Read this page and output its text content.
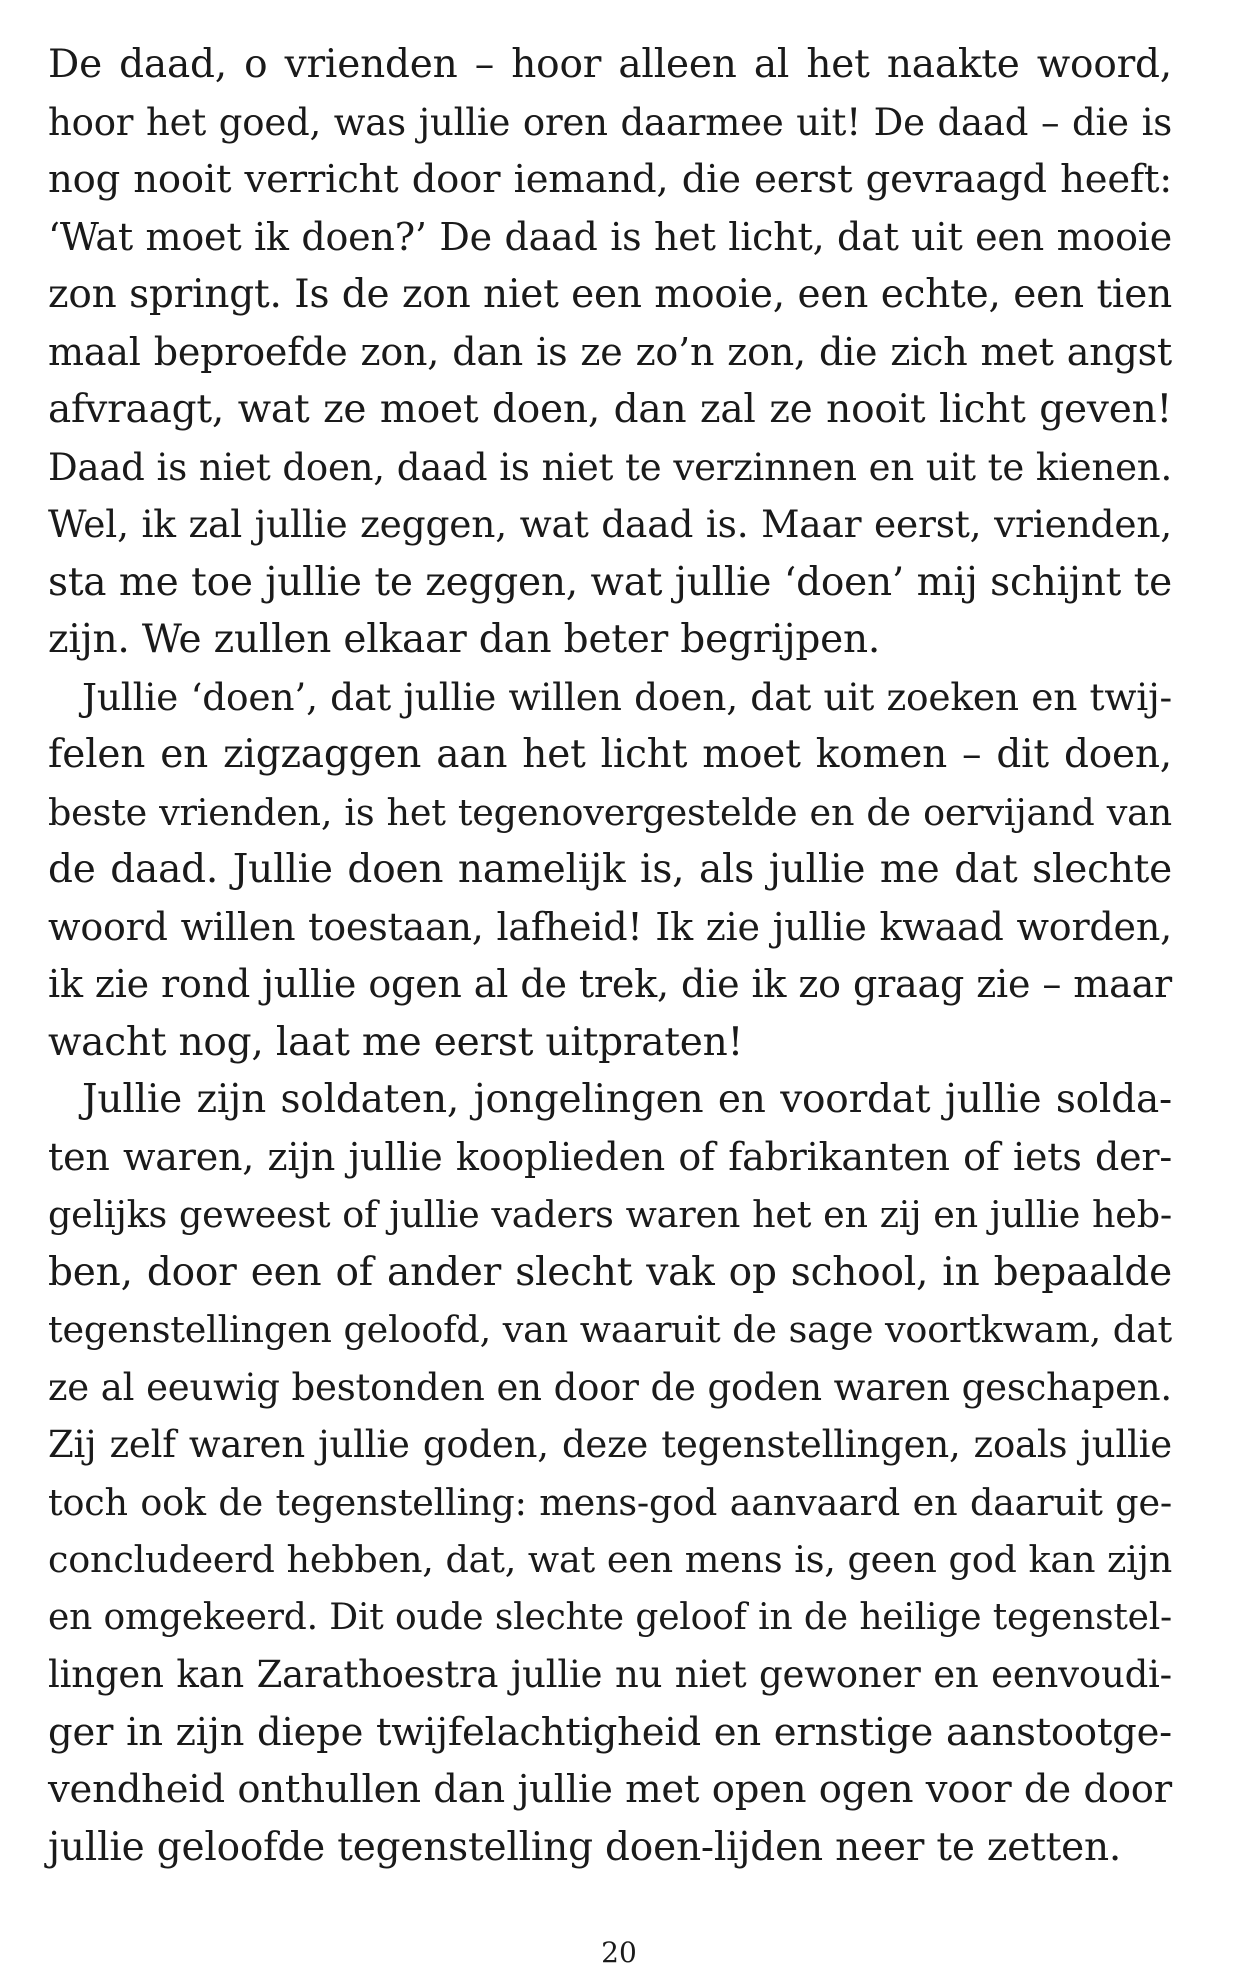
De daad, o vrienden – hoor alleen al het naakte woord,
hoor het goed, was jullie oren daarmee uit! De daad – die is
nog nooit verricht door iemand, die eerst gevraagd heeft:
‘Wat moet ik doen?’ De daad is het licht, dat uit een mooie
zon springt. Is de zon niet een mooie, een echte, een tien
maal beproefde zon, dan is ze zo’n zon, die zich met angst
afvraagt, wat ze moet doen, dan zal ze nooit licht geven!
Daad is niet doen, daad is niet te verzinnen en uit te kienen.
Wel, ik zal jullie zeggen, wat daad is. Maar eerst, vrienden,
sta me toe jullie te zeggen, wat jullie ‘doen’ mij schijnt te
zijn. We zullen elkaar dan beter begrijpen.
Jullie ‘doen’, dat jullie willen doen, dat uit zoeken en twij-
felen en zigzaggen aan het licht moet komen – dit doen,
beste vrienden, is het tegenovergestelde en de oervijand van
de daad. Jullie doen namelijk is, als jullie me dat slechte
woord willen toestaan, lafheid! Ik zie jullie kwaad worden,
ik zie rond jullie ogen al de trek, die ik zo graag zie – maar
wacht nog, laat me eerst uitpraten!
Jullie zijn soldaten, jongelingen en voordat jullie solda-
ten waren, zijn jullie kooplieden of fabrikanten of iets der-
gelijks geweest of jullie vaders waren het en zij en jullie heb-
ben, door een of ander slecht vak op school, in bepaalde
tegenstellingen geloofd, van waaruit de sage voortkwam, dat
ze al eeuwig bestonden en door de goden waren geschapen.
Zij zelf waren jullie goden, deze tegenstellingen, zoals jullie
toch ook de tegenstelling: mens-god aanvaard en daaruit ge-
concludeerd hebben, dat, wat een mens is, geen god kan zijn
en omgekeerd. Dit oude slechte geloof in de heilige tegenstel-
lingen kan Zarathoestra jullie nu niet gewoner en eenvoudi-
ger in zijn diepe twijfelachtigheid en ernstige aanstootge-
vendheid onthullen dan jullie met open ogen voor de door
jullie geloofde tegenstelling doen-lijden neer te zetten.
20
